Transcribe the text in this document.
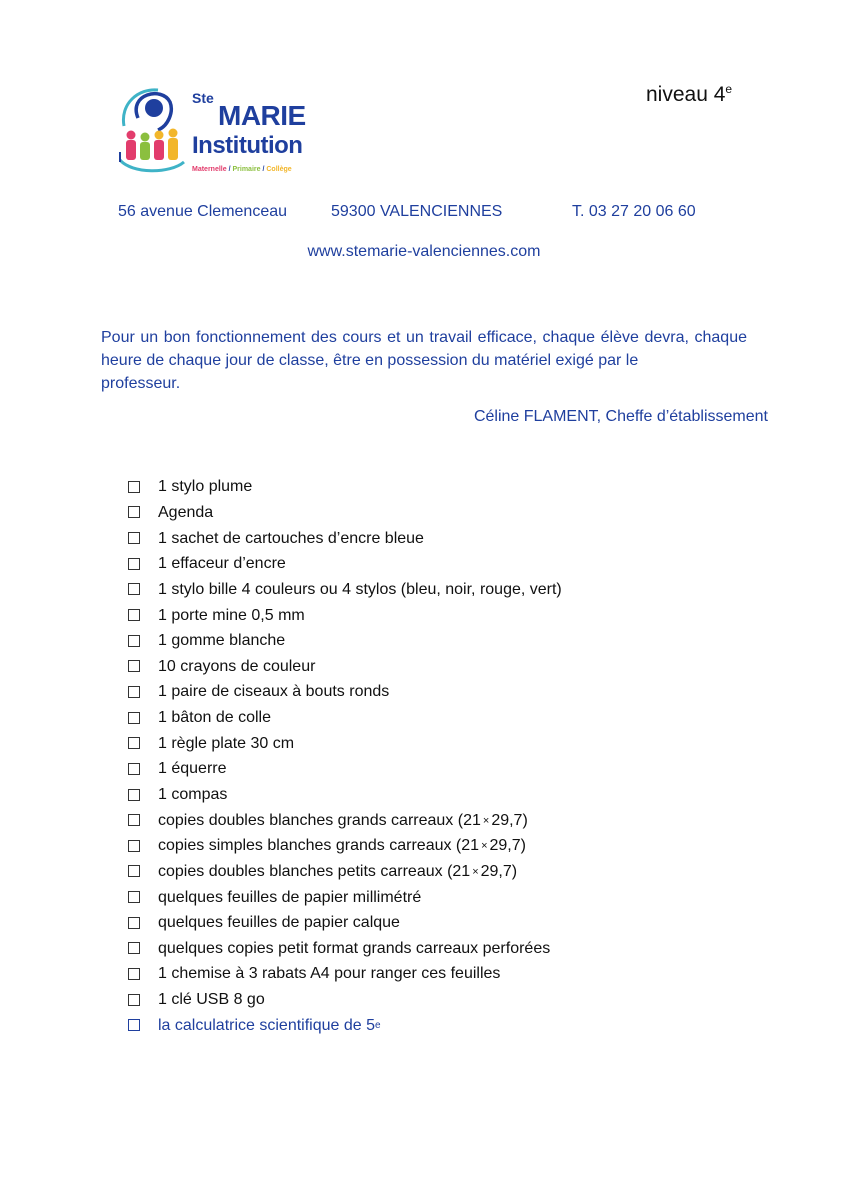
Ste
MARIE
Institution
Maternelle / Primaire / Collège
niveau 4e
56 avenue Clemenceau	59300 VALENCIENNES	T. 03 27 20 06 60
www.stemarie-valenciennes.com
Pour un bon fonctionnement des cours et un travail efficace, chaque élève devra, chaque heure de chaque jour de classe, être en possession du matériel exigé par le
professeur.
Céline FLAMENT, Cheffe d’établissement
1 stylo plume
Agenda
1 sachet de cartouches d’encre bleue
1 effaceur d’encre
1 stylo bille 4 couleurs ou 4 stylos (bleu, noir, rouge, vert)
1 porte mine 0,5 mm
1 gomme blanche
10 crayons de couleur
1 paire de ciseaux à bouts ronds
1 bâton de colle
1 règle plate 30 cm
1 équerre
1 compas
copies doubles blanches grands carreaux (21 × 29,7)
copies simples blanches grands carreaux (21 × 29,7)
copies doubles blanches petits carreaux (21 × 29,7)
quelques feuilles de papier millimétré
quelques feuilles de papier calque
quelques copies petit format grands carreaux perforées
1 chemise à 3 rabats A4 pour ranger ces feuilles
1 clé USB 8 go
la calculatrice scientifique de 5 e
